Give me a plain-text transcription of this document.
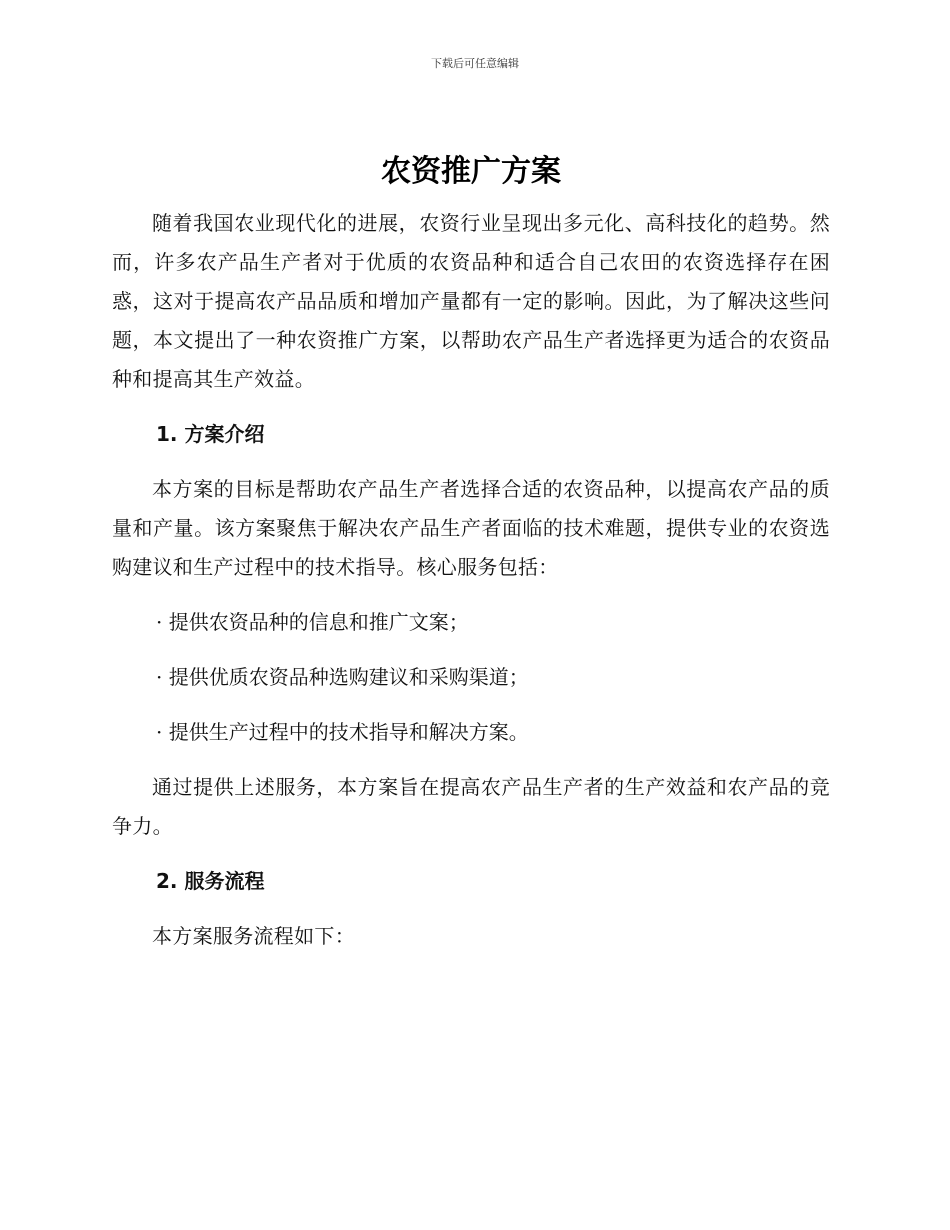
下载后可任意编辑
农资推广方案

随着我国农业现代化的进展，农资行业呈现出多元化、高科技化的趋势。然而，许多农产品生产者对于优质的农资品种和适合自己农田的农资选择存在困惑，这对于提高农产品品质和增加产量都有一定的影响。因此，为了解决这些问题，本文提出了一种农资推广方案，以帮助农产品生产者选择更为适合的农资品种和提高其生产效益。

1. 方案介绍

本方案的目标是帮助农产品生产者选择合适的农资品种，以提高农产品的质量和产量。该方案聚焦于解决农产品生产者面临的技术难题，提供专业的农资选购建议和生产过程中的技术指导。核心服务包括：

· 提供农资品种的信息和推广文案；
· 提供优质农资品种选购建议和采购渠道；
· 提供生产过程中的技术指导和解决方案。

通过提供上述服务，本方案旨在提高农产品生产者的生产效益和农产品的竞争力。

2. 服务流程

本方案服务流程如下：
